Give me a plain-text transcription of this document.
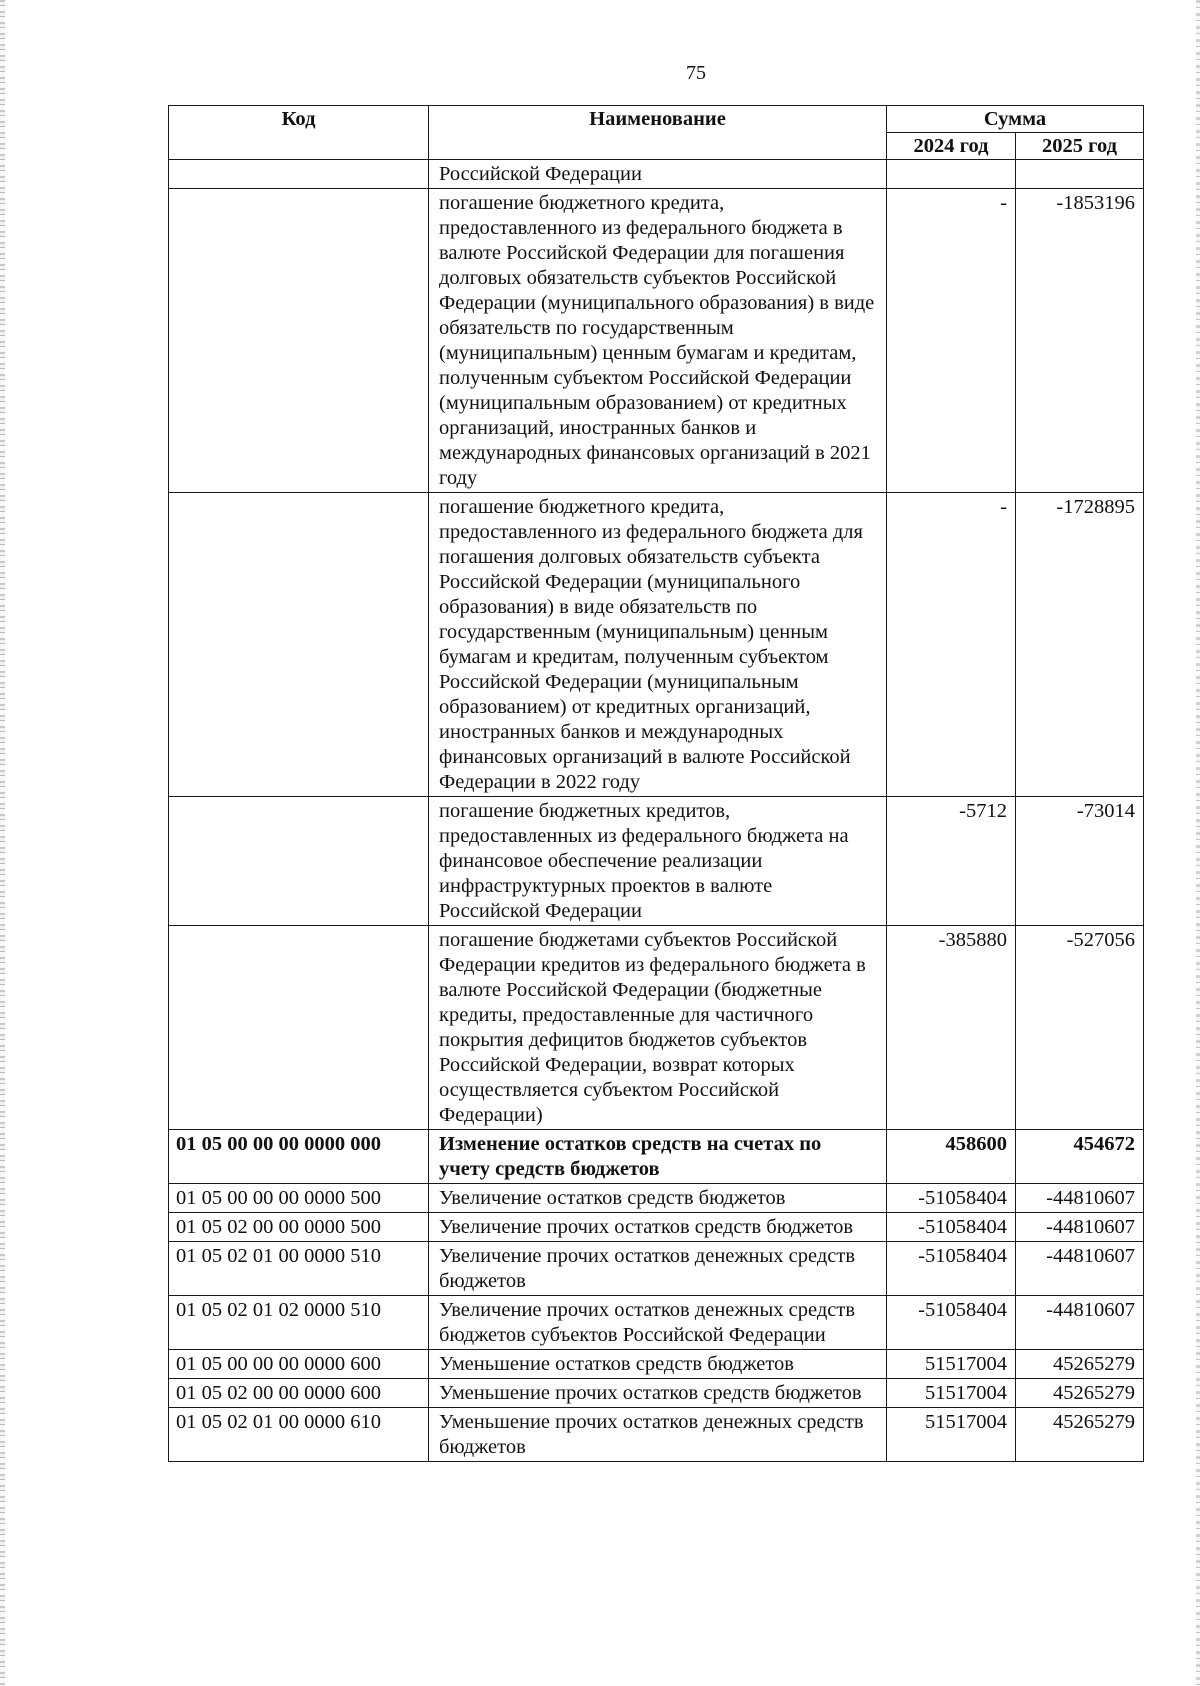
75
Код	Наименование	Сумма	
		2024 год	2025 год
	Российской Федерации		
	погашение бюджетного кредита, предоставленного из федерального бюджета в валюте Российской Федерации для погашения долговых обязательств субъектов Российской Федерации (муниципального образования) в виде обязательств по государственным (муниципальным) ценным бумагам и кредитам, полученным субъектом Российской Федерации (муниципальным образованием) от кредитных организаций, иностранных банков и международных финансовых организаций в 2021 году	-	-1853196
	погашение бюджетного кредита, предоставленного из федерального бюджета для погашения долговых обязательств субъекта Российской Федерации (муниципального образования) в виде обязательств по государственным (муниципальным) ценным бумагам и кредитам, полученным субъектом Российской Федерации (муниципальным образованием) от кредитных организаций, иностранных банков и международных финансовых организаций в валюте Российской Федерации в 2022 году	-	-1728895
	погашение бюджетных кредитов, предоставленных из федерального бюджета на финансовое обеспечение реализации инфраструктурных проектов в валюте Российской Федерации	-5712	-73014
	погашение бюджетами субъектов Российской Федерации кредитов из федерального бюджета в валюте Российской Федерации (бюджетные кредиты, предоставленные для частичного покрытия дефицитов бюджетов субъектов Российской Федерации, возврат которых осуществляется субъектом Российской Федерации)	-385880	-527056
01 05 00 00 00 0000 000	Изменение остатков средств на счетах по учету средств бюджетов	458600	454672
01 05 00 00 00 0000 500	Увеличение остатков средств бюджетов	-51058404	-44810607
01 05 02 00 00 0000 500	Увеличение прочих остатков средств бюджетов	-51058404	-44810607
01 05 02 01 00 0000 510	Увеличение прочих остатков денежных средств бюджетов	-51058404	-44810607
01 05 02 01 02 0000 510	Увеличение прочих остатков денежных средств бюджетов субъектов Российской Федерации	-51058404	-44810607
01 05 00 00 00 0000 600	Уменьшение остатков средств бюджетов	51517004	45265279
01 05 02 00 00 0000 600	Уменьшение прочих остатков средств бюджетов	51517004	45265279
01 05 02 01 00 0000 610	Уменьшение прочих остатков денежных средств бюджетов	51517004	45265279
